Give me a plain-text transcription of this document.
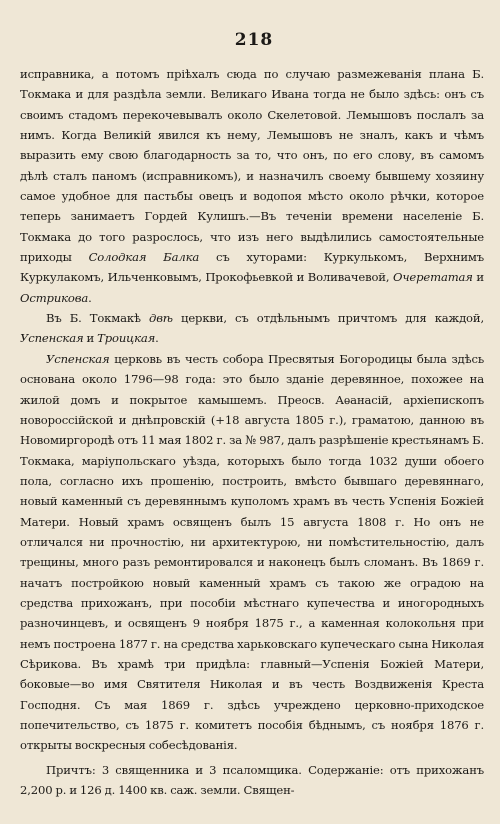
218

исправника, а потомъ пріѣхалъ сюда по случаю размежеванія плана Б. Токмака и для раздѣла земли. Великаго Ивана тогда не было здѣсь: онъ съ своимъ стадомъ перекочевывалъ около Скелетовой. Лемышовъ послалъ за нимъ. Когда Великій явился къ нему, Лемышовъ не зналъ, какъ и чѣмъ выразить ему свою благодарность за то, что онъ, по его слову, въ самомъ дѣлѣ сталъ паномъ (исправникомъ), и назначилъ своему бывшему хозяину самое удобное для пастьбы овецъ и водопоя мѣсто около рѣчки, которое теперь занимаетъ Гордей Кулишъ.—Въ теченіи времени населеніе Б. Токмака до того разрослось, что изъ него выдѣлились самостоятельные приходы Солодкая Балка съ хуторами: Куркулькомъ, Верхнимъ Куркулакомъ, Ильченковымъ, Прокофьевкой и Воливачевой, Очеретатая и Острикова.

Въ Б. Токмакѣ двѣ церкви, съ отдѣльнымъ причтомъ для каждой, Успенская и Троицкая.

Успенская церковь въ честь собора Пресвятыя Богородицы была здѣсь основана около 1796—98 года: это было зданіе деревянное, похожее на жилой домъ и покрытое камышемъ. Преосв. Аѳанасій, архіепископъ новороссійской и днѣпровскій (+18 августа 1805 г.), граматою, данною въ Новомиргородѣ отъ 11 мая 1802 г. за № 987, далъ разрѣшеніе крестьянамъ Б. Токмака, маріупольскаго уѣзда, которыхъ было тогда 1032 души обоего пола, согласно ихъ прошенію, построить, вмѣсто бывшаго деревяннаго, новый каменный съ деревяннымъ куполомъ храмъ въ честь Успенія Божіей Матери. Новый храмъ освященъ былъ 15 августа 1808 г. Но онъ не отличался ни прочностію, ни архитектурою, ни помѣстительностію, далъ трещины, много разъ ремонтировался и наконецъ былъ сломанъ. Въ 1869 г. начатъ постройкою новый каменный храмъ съ такою же оградою на средства прихожанъ, при пособіи мѣстнаго купечества и иногородныхъ разночинцевъ, и освященъ 9 ноября 1875 г., а каменная колокольня при немъ построена 1877 г. на средства харьковскаго купеческаго сына Николая Сѣрикова. Въ храмѣ три придѣла: главный—Успенія Божіей Матери, боковые—во имя Святителя Николая и въ честь Воздвиженія Креста Господня. Съ мая 1869 г. здѣсь учреждено церковно-приходское попечительство, съ 1875 г. комитетъ пособія бѣднымъ, съ ноября 1876 г. открыты воскресныя собесѣдованія.

Причтъ: 3 священника и 3 псаломщика. Содержаніе: отъ прихожанъ 2,200 р. и 126 д. 1400 кв. саж. земли. Священ-
